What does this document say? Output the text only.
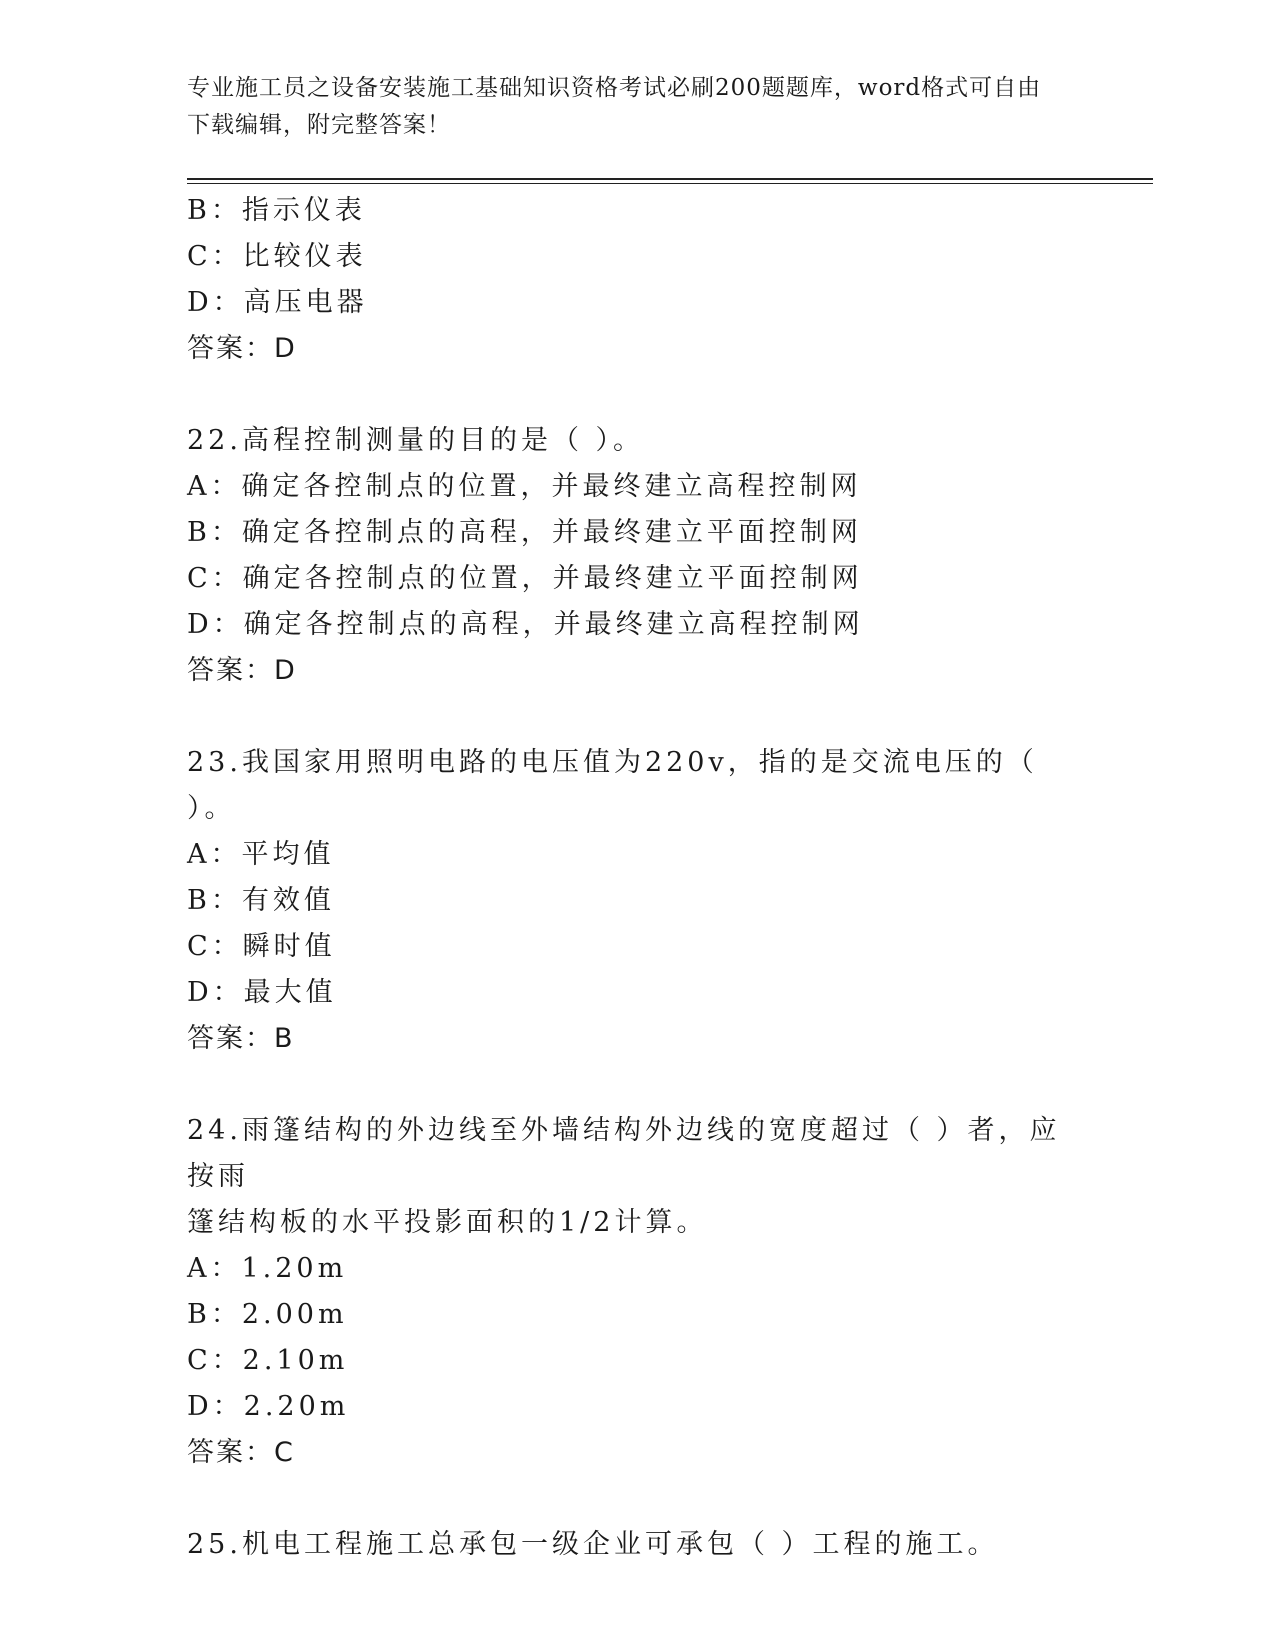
专业施工员之设备安装施工基础知识资格考试必刷200题题库，word格式可自由
下载编辑，附完整答案！
B：指示仪表
C：比较仪表
D：高压电器
答案：D
22.高程控制测量的目的是（ ）。
A：确定各控制点的位置，并最终建立高程控制网
B：确定各控制点的高程，并最终建立平面控制网
C：确定各控制点的位置，并最终建立平面控制网
D：确定各控制点的高程，并最终建立高程控制网
答案：D
23.我国家用照明电路的电压值为220v，指的是交流电压的（ ）。
A：平均值
B：有效值
C：瞬时值
D：最大值
答案：B
24.雨篷结构的外边线至外墙结构外边线的宽度超过（ ）者，应按雨
篷结构板的水平投影面积的1/2计算。
A：1.20m
B：2.00m
C：2.10m
D：2.20m
答案：C
25.机电工程施工总承包一级企业可承包（ ）工程的施工。
